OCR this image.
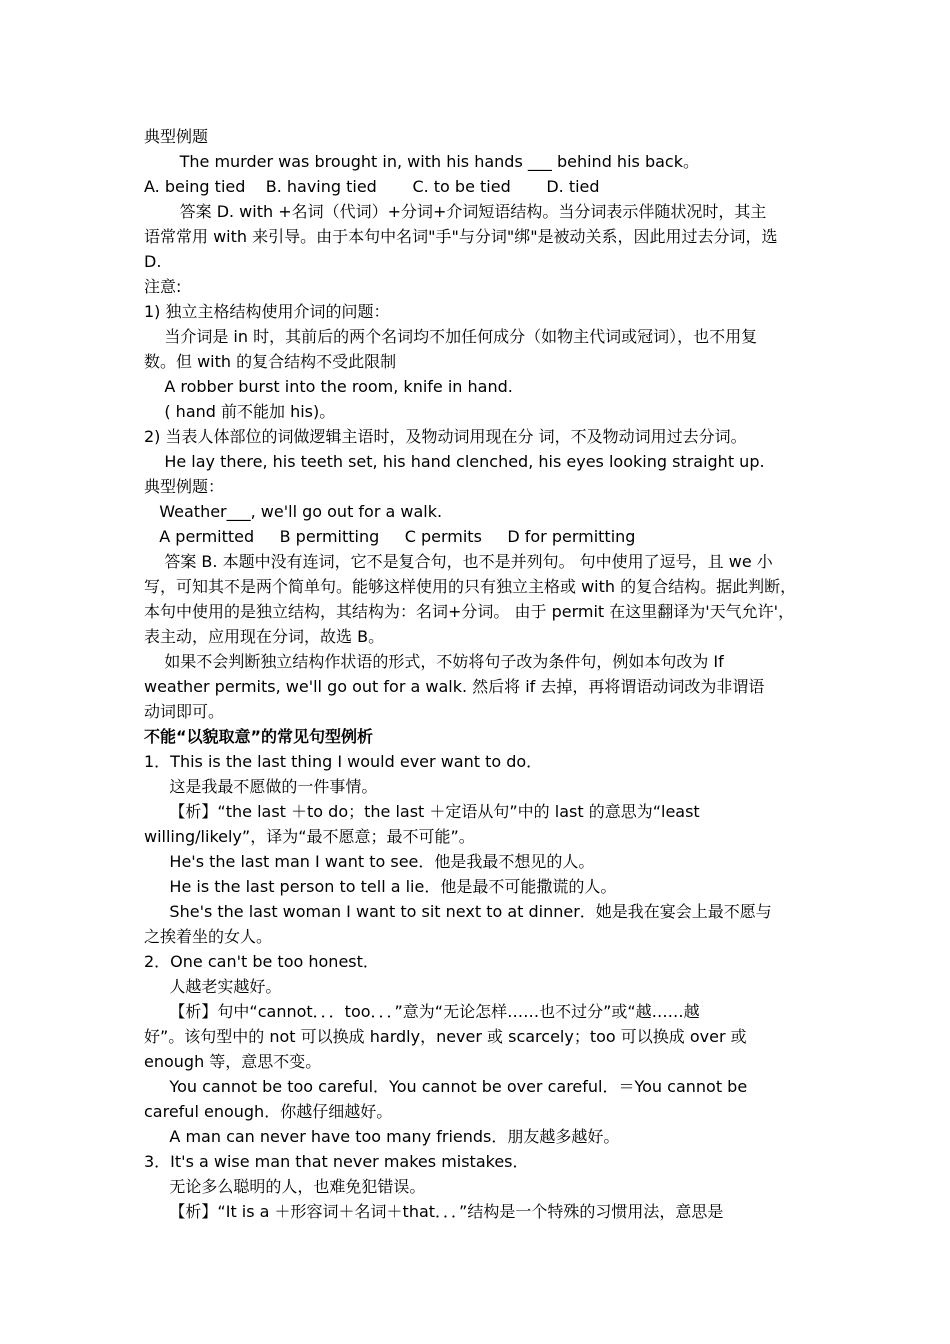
典型例题
The murder was brought in, with his hands ___ behind his back。
A. being tied    B. having tied       C. to be tied       D. tied
答案 D. with +名词（代词）+分词+介词短语结构。当分词表示伴随状况时，其主
语常常用 with 来引导。由于本句中名词"手"与分词"绑"是被动关系，因此用过去分词，选
D.
注意:
1) 独立主格结构使用介词的问题：
当介词是 in 时，其前后的两个名词均不加任何成分（如物主代词或冠词），也不用复
数。但 with 的复合结构不受此限制
A robber burst into the room, knife in hand.
( hand 前不能加 his)。
2) 当表人体部位的词做逻辑主语时，及物动词用现在分 词，不及物动词用过去分词。
He lay there, his teeth set, his hand clenched, his eyes looking straight up.
典型例题：
Weather___, we'll go out for a walk.
A permitted     B permitting     C permits     D for permitting
答案 B. 本题中没有连词，它不是复合句，也不是并列句。 句中使用了逗号，且 we 小
写，可知其不是两个简单句。能够这样使用的只有独立主格或 with 的复合结构。据此判断，
本句中使用的是独立结构，其结构为：名词+分词。 由于 permit 在这里翻译为'天气允许'，
表主动，应用现在分词，故选 B。
如果不会判断独立结构作状语的形式，不妨将句子改为条件句，例如本句改为 If
weather permits, we'll go out for a walk. 然后将 if 去掉，再将谓语动词改为非谓语
动词即可。
不能“以貌取意”的常见句型例析
1．This is the last thing I would ever want to do．
这是我最不愿做的一件事情。
【析】“the last ＋to do；the last ＋定语从句”中的 last 的意思为“least
willing/likely”，译为“最不愿意；最不可能”。
He's the last man I want to see．他是我最不想见的人。
He is the last person to tell a lie．他是最不可能撒谎的人。
She's the last woman I want to sit next to at dinner．她是我在宴会上最不愿与
之挨着坐的女人。
2．One can't be too honest．
人越老实越好。
【析】句中“cannot．．．too．．．”意为“无论怎样……也不过分”或“越……越
好”。该句型中的 not 可以换成 hardly，never 或 scarcely；too 可以换成 over 或
enough 等，意思不变。
You cannot be too careful．You cannot be over careful．＝You cannot be
careful enough．你越仔细越好。
A man can never have too many friends．朋友越多越好。
3．It's a wise man that never makes mistakes．
无论多么聪明的人，也难免犯错误。
【析】“It is a ＋形容词＋名词＋that．．．”结构是一个特殊的习惯用法，意思是
